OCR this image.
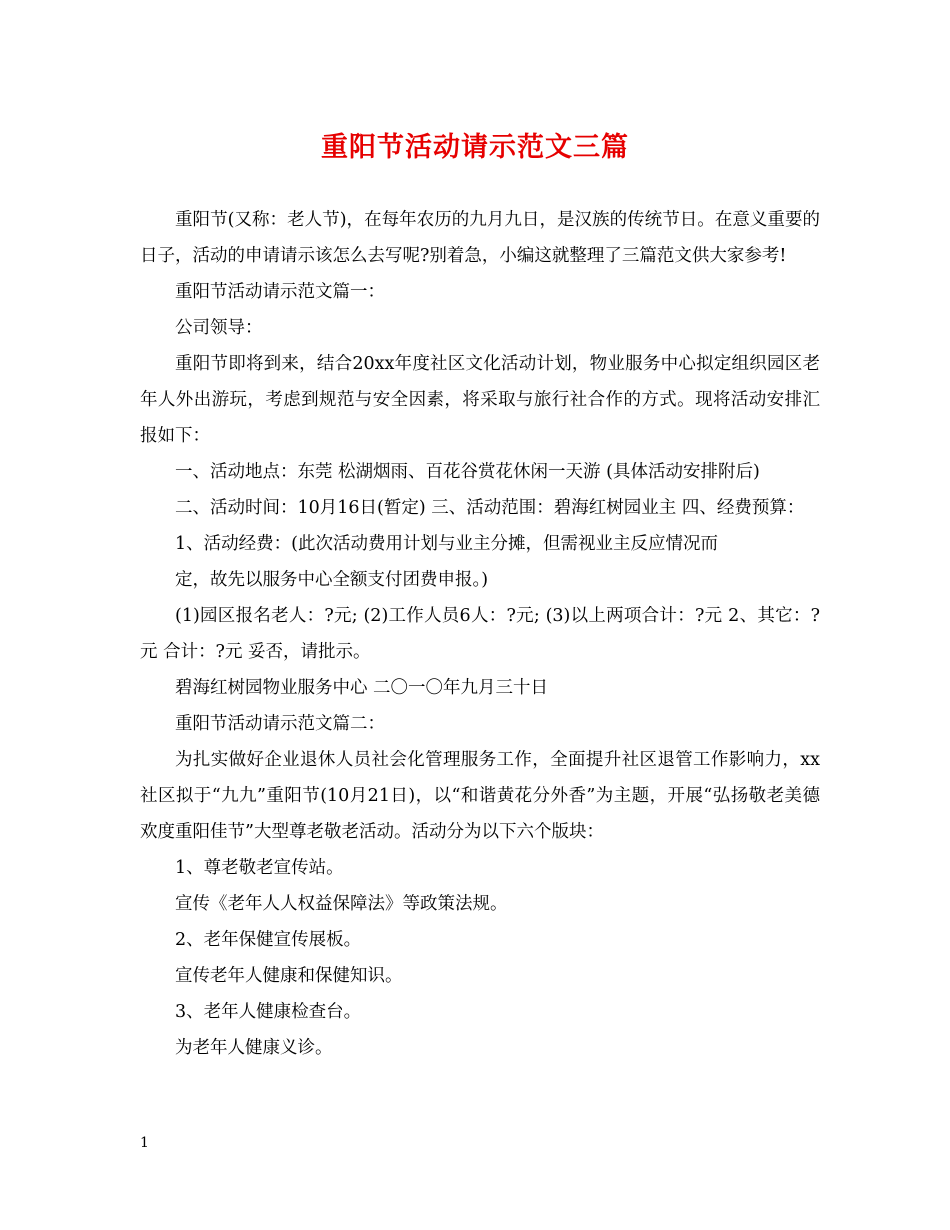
重阳节活动请示范文三篇

重阳节(又称：老人节)，在每年农历的九月九日，是汉族的传统节日。在意义重要的日子，活动的申请请示该怎么去写呢?别着急，小编这就整理了三篇范文供大家参考!

重阳节活动请示范文篇一：

公司领导：

重阳节即将到来，结合20xx年度社区文化活动计划，物业服务中心拟定组织园区老年人外出游玩，考虑到规范与安全因素，将采取与旅行社合作的方式。现将活动安排汇报如下：

一、活动地点：东莞 松湖烟雨、百花谷赏花休闲一天游 (具体活动安排附后)

二、活动时间：10月16日(暂定) 三、活动范围：碧海红树园业主 四、经费预算：

1、活动经费：(此次活动费用计划与业主分摊，但需视业主反应情况而

定，故先以服务中心全额支付团费申报。)

(1)园区报名老人：?元; (2)工作人员6人：?元; (3)以上两项合计：?元 2、其它：?元 合计：?元 妥否，请批示。

碧海红树园物业服务中心 二〇一〇年九月三十日

重阳节活动请示范文篇二：

为扎实做好企业退休人员社会化管理服务工作，全面提升社区退管工作影响力，xx社区拟于“九九”重阳节(10月21日)，以“和谐黄花分外香”为主题，开展“弘扬敬老美德 欢度重阳佳节”大型尊老敬老活动。活动分为以下六个版块：

1、尊老敬老宣传站。

宣传《老年人人权益保障法》等政策法规。

2、老年保健宣传展板。

宣传老年人健康和保健知识。

3、老年人健康检查台。

为老年人健康义诊。

1
